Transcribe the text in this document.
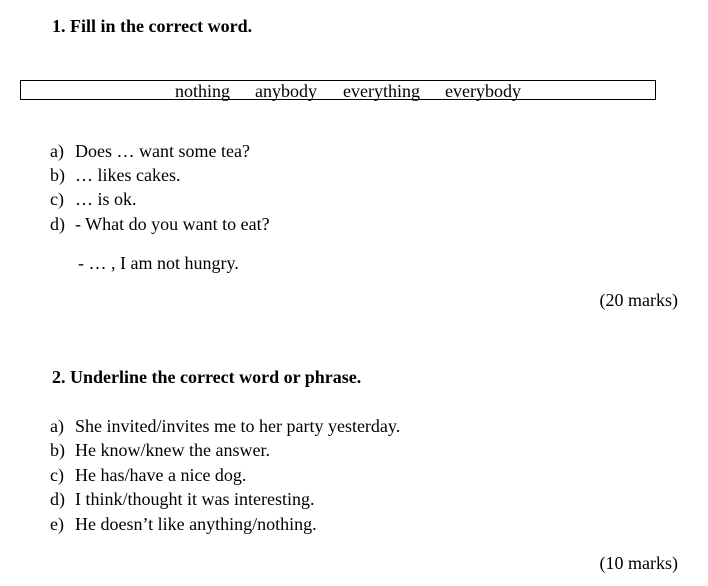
1. Fill in the correct word.
nothing anybody everything everybody
a) Does … want some tea?
b) … likes cakes.
c) … is ok.
d) - What do you want to eat?
- … , I am not hungry.
(20 marks)
2. Underline the correct word or phrase.
a) She invited/invites me to her party yesterday.
b) He know/knew the answer.
c) He has/have a nice dog.
d) I think/thought it was interesting.
e) He doesn’t like anything/nothing.
(10 marks)
